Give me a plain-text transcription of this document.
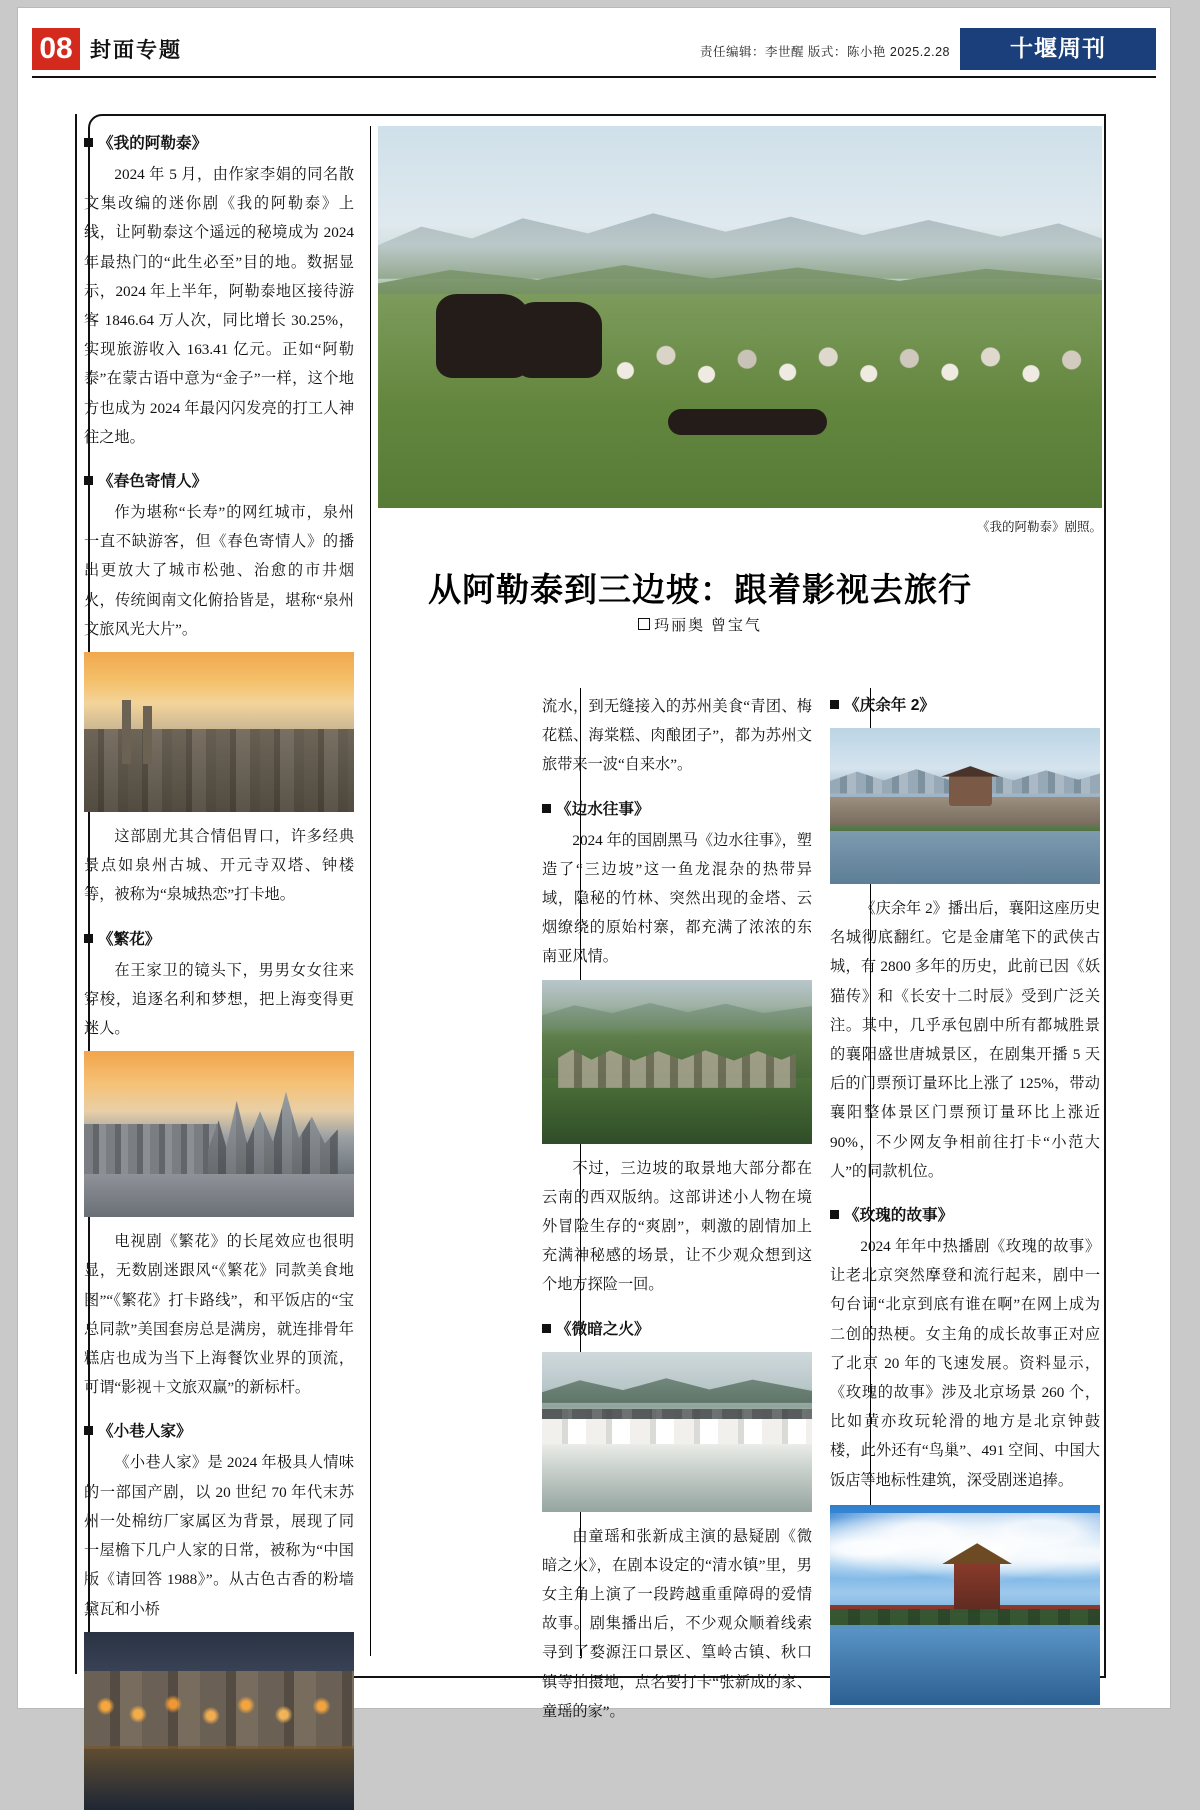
08 封面专题	责任编辑：李世醒 版式：陈小艳 2025.2.28	十堰周刊
《我的阿勒泰》剧照。
从阿勒泰到三边坡：跟着影视去旅行
玛丽奥 曾宝气
《我的阿勒泰》

2024 年 5 月，由作家李娟的同名散文集改编的迷你剧《我的阿勒泰》上线，让阿勒泰这个遥远的秘境成为 2024 年最热门的“此生必至”目的地。数据显示，2024 年上半年，阿勒泰地区接待游客 1846.64 万人次，同比增长 30.25%，实现旅游收入 163.41 亿元。正如“阿勒泰”在蒙古语中意为“金子”一样，这个地方也成为 2024 年最闪闪发亮的打工人神往之地。

《春色寄情人》

作为堪称“长寿”的网红城市，泉州一直不缺游客，但《春色寄情人》的播出更放大了城市松弛、治愈的市井烟火，传统闽南文化俯拾皆是，堪称“泉州文旅风光大片”。

这部剧尤其合情侣胃口，许多经典景点如泉州古城、开元寺双塔、钟楼等，被称为“泉城热恋”打卡地。

《繁花》

在王家卫的镜头下，男男女女往来穿梭，追逐名利和梦想，把上海变得更迷人。

电视剧《繁花》的长尾效应也很明显，无数剧迷跟风“《繁花》同款美食地图”“《繁花》打卡路线”，和平饭店的“宝总同款”美国套房总是满房，就连排骨年糕店也成为当下上海餐饮业界的顶流，可谓“影视＋文旅双赢”的新标杆。

《小巷人家》

《小巷人家》是 2024 年极具人情味的一部国产剧，以 20 世纪 70 年代末苏州一处棉纺厂家属区为背景，展现了同一屋檐下几户人家的日常，被称为“中国版《请回答 1988》”。从古色古香的粉墙黛瓦和小桥

流水，到无缝接入的苏州美食“青团、梅花糕、海棠糕、肉酿团子”，都为苏州文旅带来一波“自来水”。

《边水往事》

2024 年的国剧黑马《边水往事》，塑造了“三边坡”这一鱼龙混杂的热带异域，隐秘的竹林、突然出现的金塔、云烟缭绕的原始村寨，都充满了浓浓的东南亚风情。

不过，三边坡的取景地大部分都在云南的西双版纳。这部讲述小人物在境外冒险生存的“爽剧”，刺激的剧情加上充满神秘感的场景，让不少观众想到这个地方探险一回。

《微暗之火》

由童瑶和张新成主演的悬疑剧《微暗之火》，在剧本设定的“清水镇”里，男女主角上演了一段跨越重重障碍的爱情故事。剧集播出后，不少观众顺着线索寻到了婺源汪口景区、篁岭古镇、秋口镇等拍摄地，点名要打卡“张新成的家、童瑶的家”。

《庆余年 2》

《庆余年 2》播出后，襄阳这座历史名城彻底翻红。它是金庸笔下的武侠古城，有 2800 多年的历史，此前已因《妖猫传》和《长安十二时辰》受到广泛关注。其中，几乎承包剧中所有都城胜景的襄阳盛世唐城景区，在剧集开播 5 天后的门票预订量环比上涨了 125%，带动襄阳整体景区门票预订量环比上涨近 90%，不少网友争相前往打卡“小范大人”的同款机位。

《玫瑰的故事》

2024 年年中热播剧《玫瑰的故事》让老北京突然摩登和流行起来，剧中一句台词“北京到底有谁在啊”在网上成为二创的热梗。女主角的成长故事正对应了北京 20 年的飞速发展。资料显示，《玫瑰的故事》涉及北京场景 260 个，比如黄亦玫玩轮滑的地方是北京钟鼓楼，此外还有“鸟巢”、491 空间、中国大饭店等地标性建筑，深受剧迷追捧。
